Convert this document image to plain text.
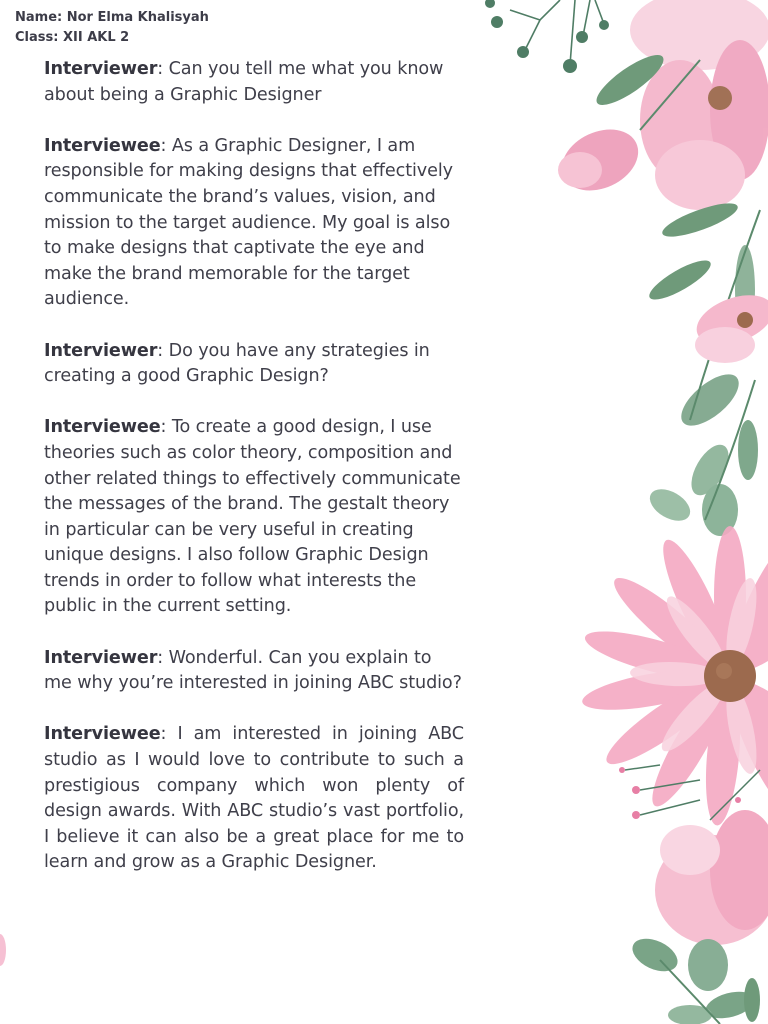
Name: Nor Elma Khalisyah
Class: XII AKL 2

Interviewer: Can you tell me what you know about being a Graphic Designer

Interviewee: As a Graphic Designer, I am responsible for making designs that effectively communicate the brand’s values, vision, and mission to the target audience. My goal is also to make designs that captivate the eye and make the brand memorable for the target audience.

Interviewer: Do you have any strategies in creating a good Graphic Design?

Interviewee: To create a good design, I use theories such as color theory, composition and other related things to effectively communicate the messages of the brand. The gestalt theory in particular can be very useful in creating unique designs. I also follow Graphic Design trends in order to follow what interests the public in the current setting.

Interviewer: Wonderful. Can you explain to me why you’re interested in joining ABC studio?

Interviewee: I am interested in joining ABC studio as I would love to contribute to such a prestigious company which won plenty of design awards. With ABC studio’s vast portfolio, I believe it can also be a great place for me to learn and grow as a Graphic Designer.
